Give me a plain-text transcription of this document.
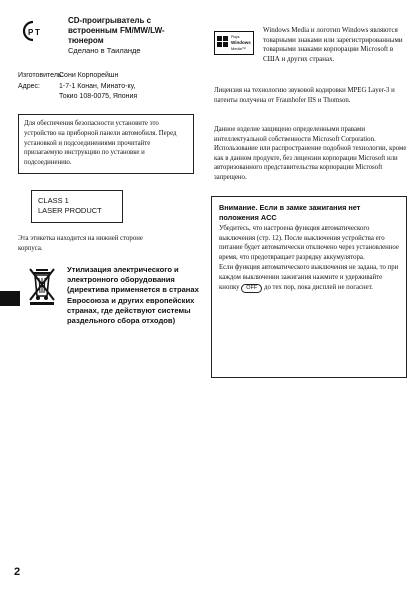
P T
CD-проигрыватель с встроенным FM/MW/LW-тюнером
Сделано в Таиланде
Изготовитель:
Сони Корпорейшн
Адрес:	1-7-1 Конан, Минато-ку,
Токио 108-0075, Япония
Для обеспечения безопасности установите это устройство на приборной панели автомобиля. Перед установкой и подсоединениями прочитайте прилагаемую инструкцию по установке и подсоединению.
CLASS 1
LASER PRODUCT
Эта этикетка находится на нижней стороне корпуса.
Утилизация электрического и электронного оборудования (директива применяется в странах Евросоюза и других европейских странах, где действуют системы раздельного сбора отходов)
2
Plays
Windows
Media™
Windows Media и логотип Windows являются товарными знаками или зарегистрированными товарными знаками корпорации Microsoft в США и других странах.
Лицензия на технологию звуковой кодировки MPEG Layer-3 и патенты получена от Fraunhofer IIS и Thomson.
Данное изделие защищено определенными правами интеллектуальной собственности Microsoft Corporation. Использование или распространение подобной технологии, кроме как в данном продукте, без лицензии корпорации Microsoft или авторизованного представительства корпорации Microsoft запрещено.
Внимание. Если в замке зажигания нет положения ACC

Убедитесь, что настроена функция автоматического выключения (стр. 12). После выключения устройства его питание будет автоматически отключено через установленное время, что предотвращает разрядку аккумулятора.

Если функция автоматического выключения не задана, то при каждом выключении зажигания нажмите и удерживайте кнопку OFF до тех пор, пока дисплей не погаснет.
